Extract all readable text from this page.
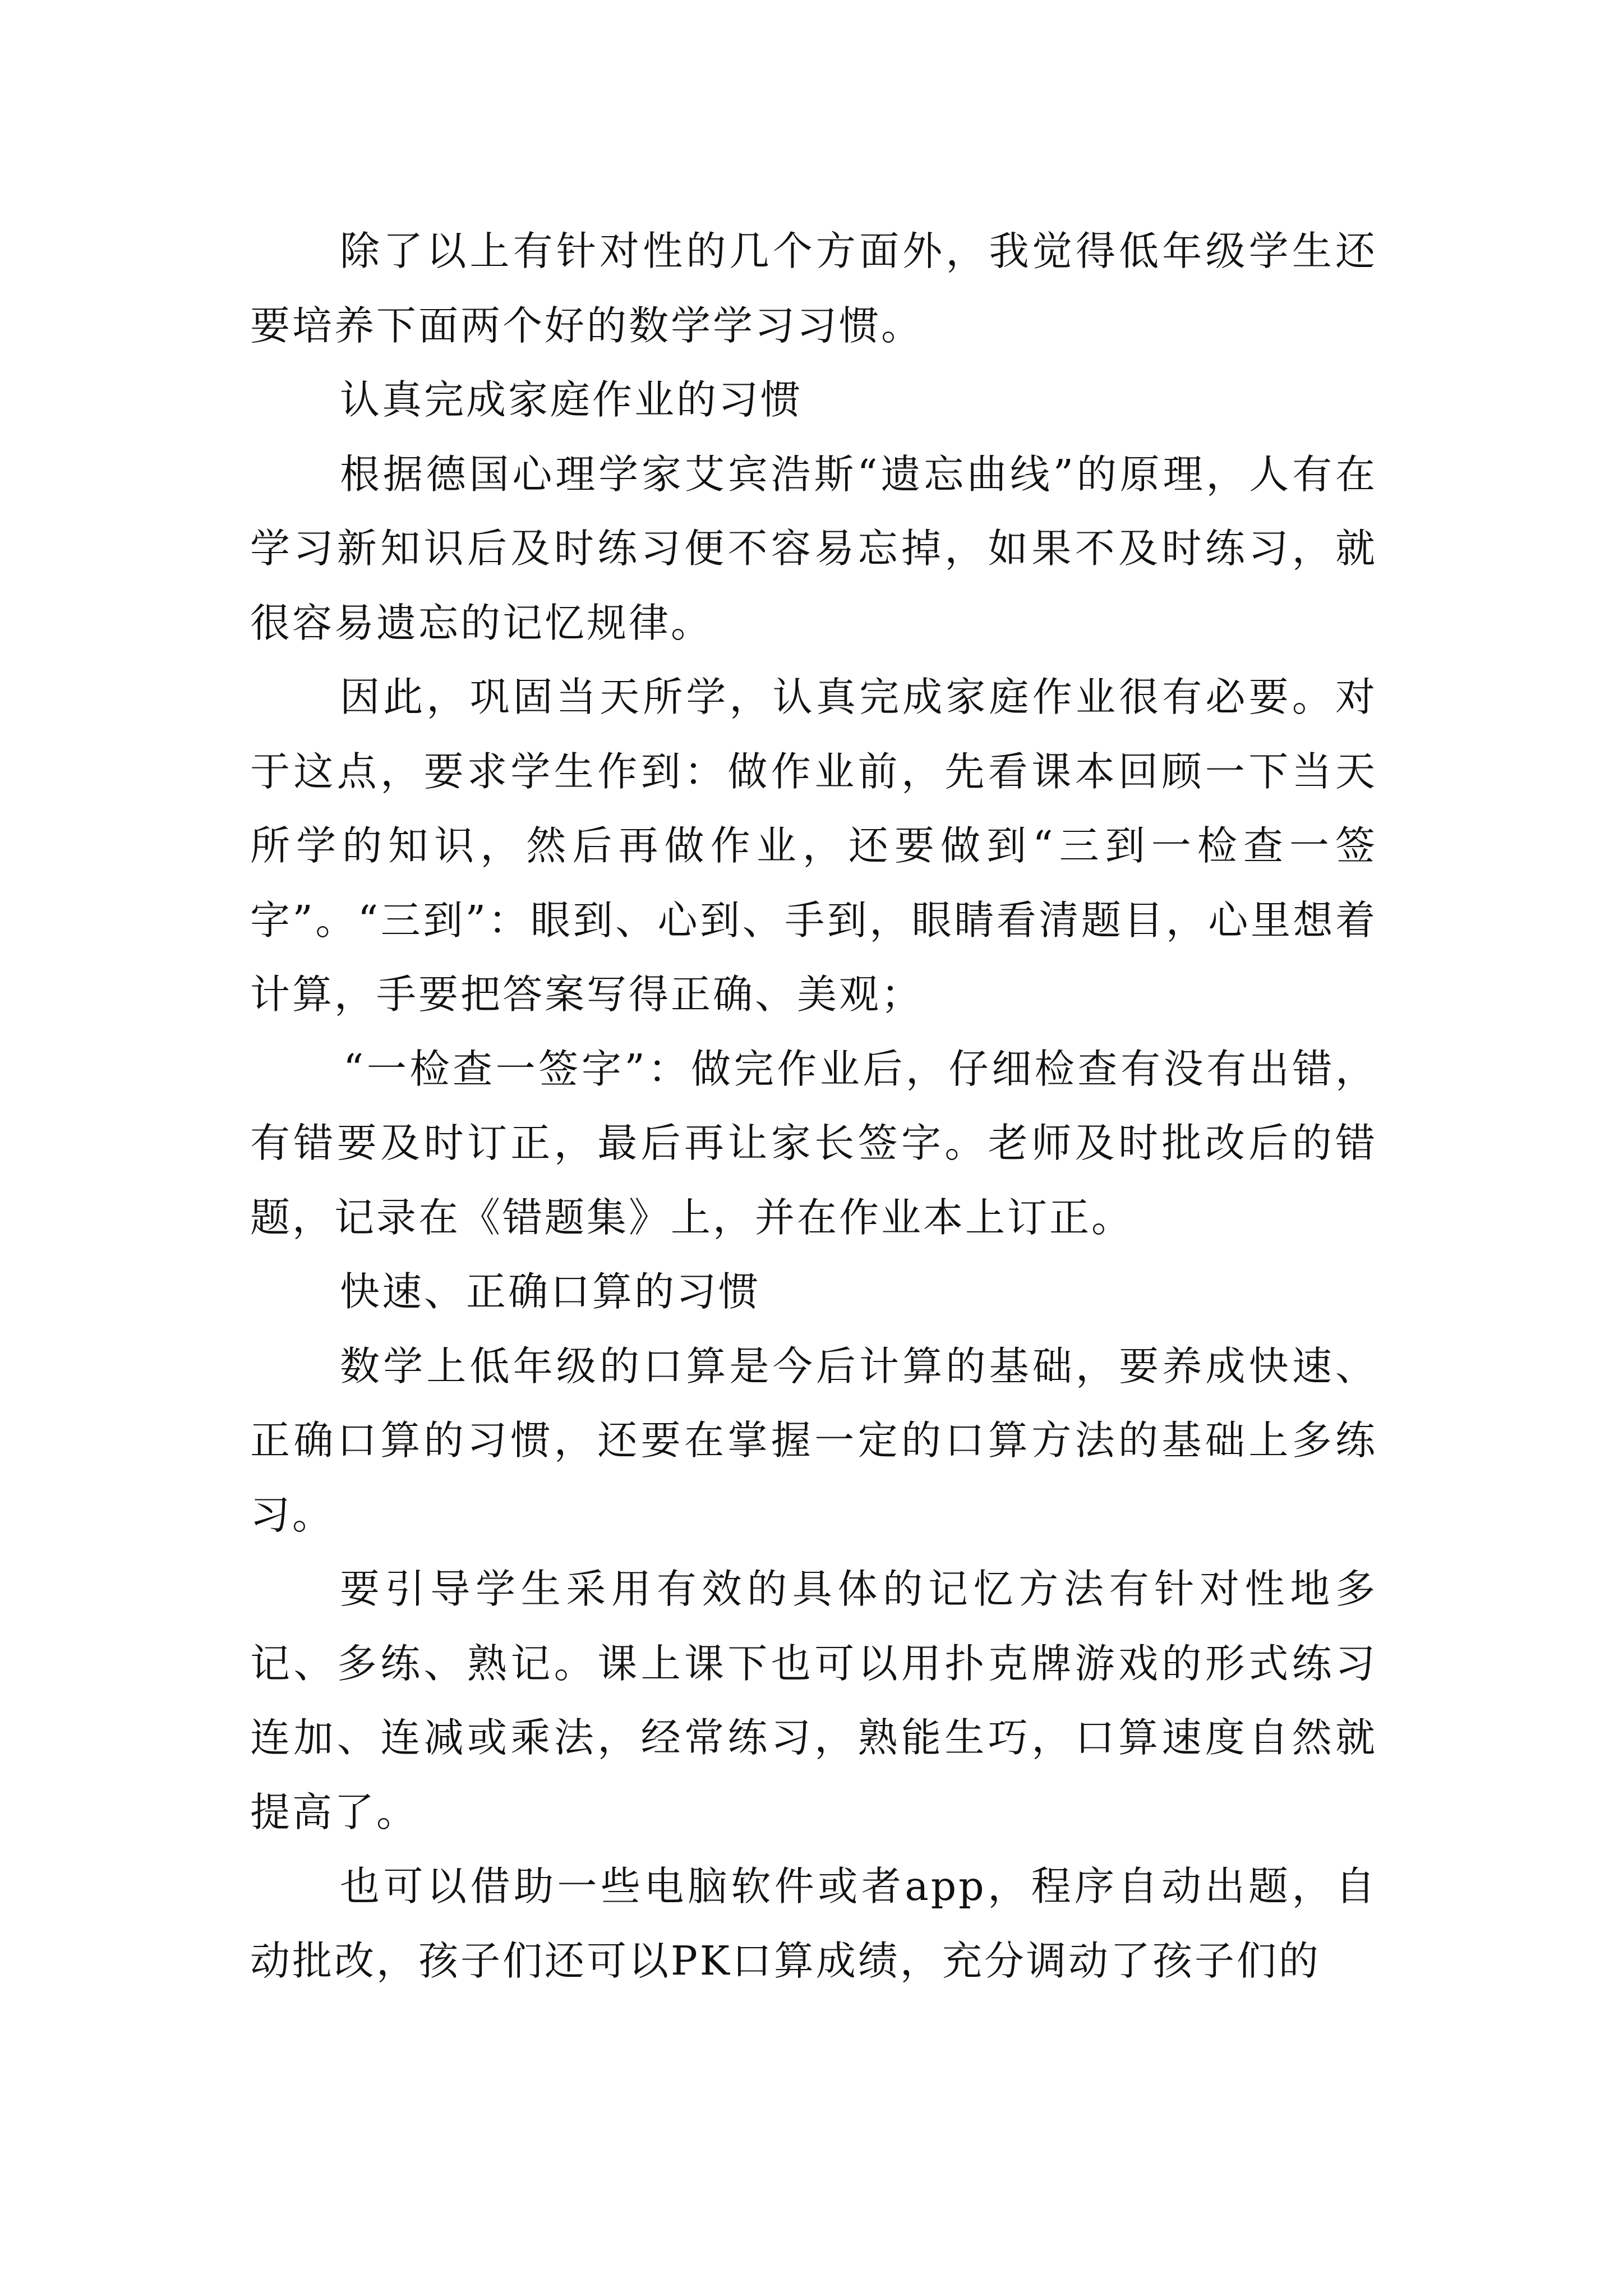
除了以上有针对性的几个方面外，我觉得低年级学生还要培养下面两个好的数学学习习惯。

认真完成家庭作业的习惯

根据德国心理学家艾宾浩斯“遗忘曲线”的原理，人有在学习新知识后及时练习便不容易忘掉，如果不及时练习，就很容易遗忘的记忆规律。

因此，巩固当天所学，认真完成家庭作业很有必要。对于这点，要求学生作到：做作业前，先看课本回顾一下当天所学的知识，然后再做作业，还要做到“三到一检查一签字”。“三到”：眼到、心到、手到，眼睛看清题目，心里想着计算，手要把答案写得正确、美观；

“一检查一签字”：做完作业后，仔细检查有没有出错，有错要及时订正，最后再让家长签字。老师及时批改后的错题，记录在《错题集》上，并在作业本上订正。

快速、正确口算的习惯

数学上低年级的口算是今后计算的基础，要养成快速、正确口算的习惯，还要在掌握一定的口算方法的基础上多练习。

要引导学生采用有效的具体的记忆方法有针对性地多记、多练、熟记。课上课下也可以用扑克牌游戏的形式练习连加、连减或乘法，经常练习，熟能生巧，口算速度自然就提高了。

也可以借助一些电脑软件或者app，程序自动出题，自动批改，孩子们还可以PK口算成绩，充分调动了孩子们的
